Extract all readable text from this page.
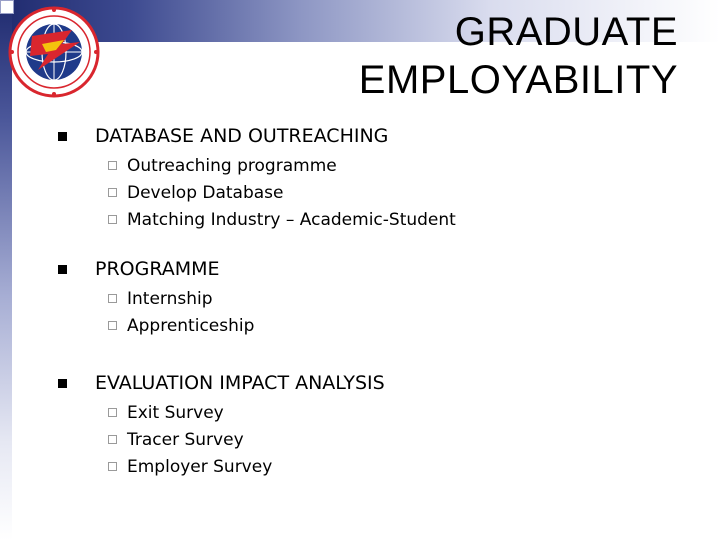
GRADUATE
EMPLOYABILITY
DATABASE AND OUTREACHING
Outreaching programme
Develop Database
Matching Industry – Academic-Student
PROGRAMME
Internship
Apprenticeship
EVALUATION IMPACT ANALYSIS
Exit Survey
Tracer Survey
Employer Survey
